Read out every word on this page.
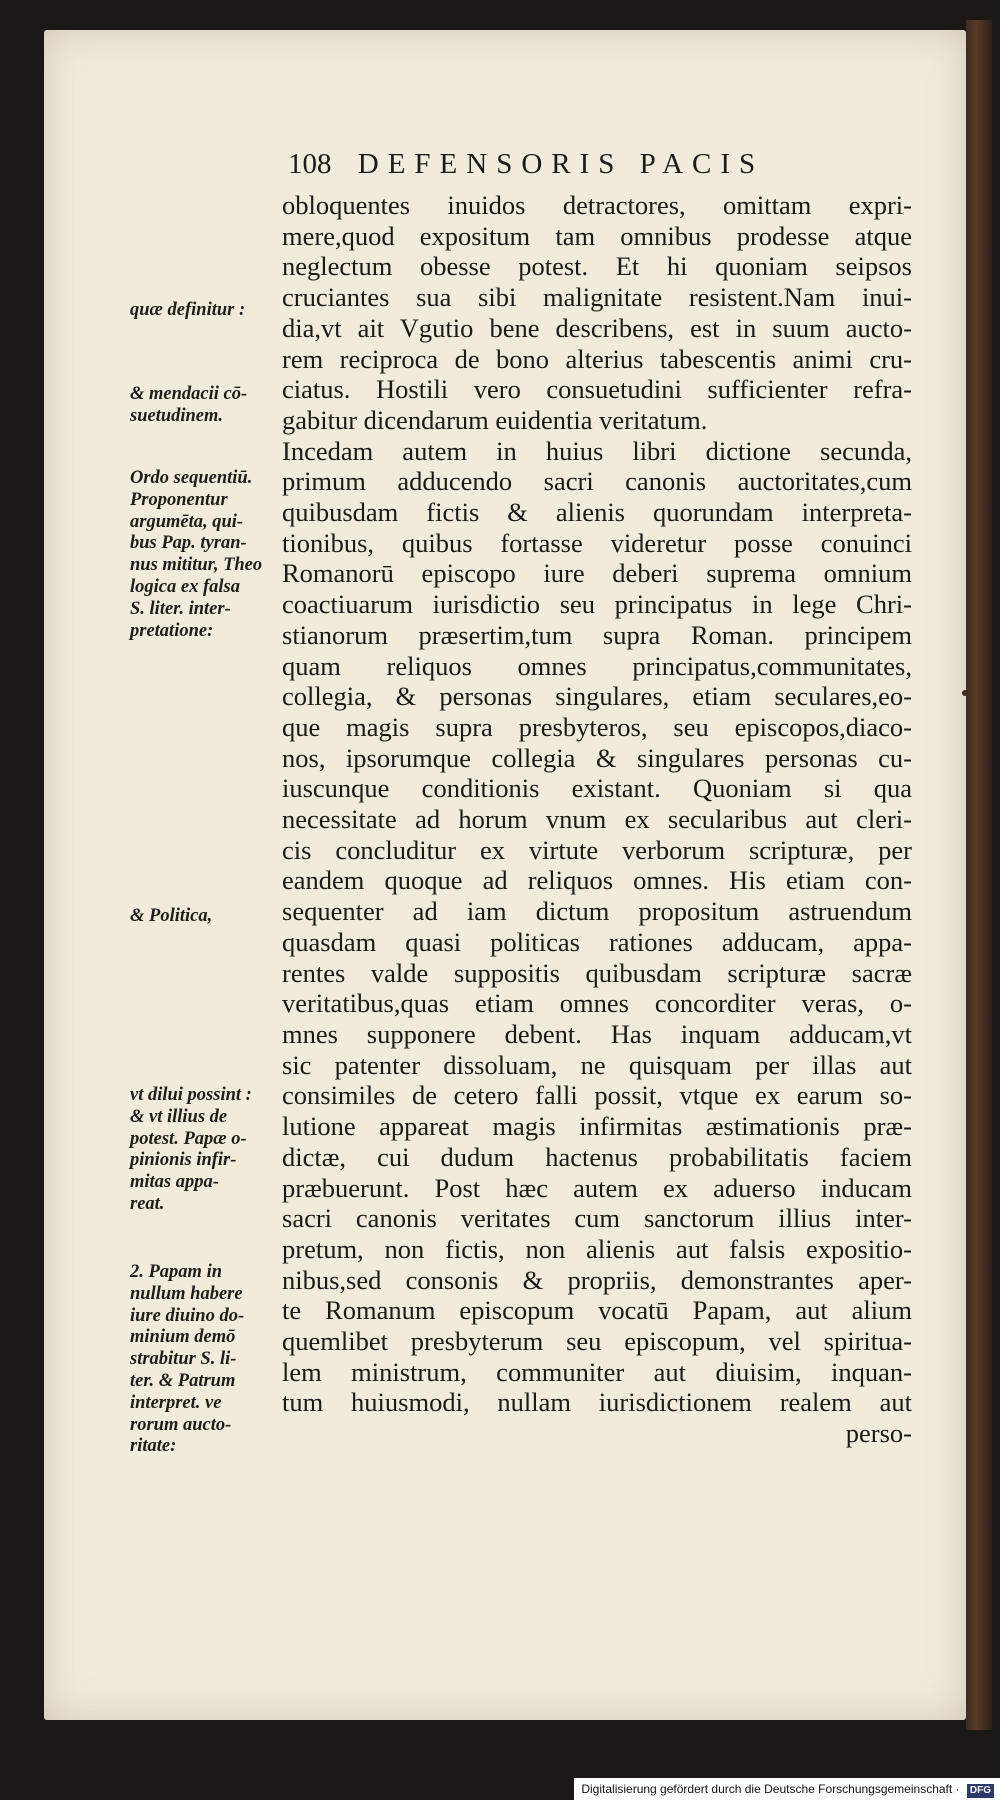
108 DEFENSORIS PACIS
obloquentes inuidos detractores, omittam expri-
mere,quod expositum tam omnibus prodesse atque
neglectum obesse potest. Et hi quoniam seipsos
cruciantes sua sibi malignitate resistent.Nam inui-
dia,vt ait Vgutio bene describens, est in suum aucto-
rem reciproca de bono alterius tabescentis animi cru-
ciatus. Hostili vero consuetudini sufficienter refra-
gabitur dicendarum euidentia veritatum.
Incedam autem in huius libri dictione secunda,
primum adducendo sacri canonis auctoritates,cum
quibusdam fictis & alienis quorundam interpreta-
tionibus, quibus fortasse videretur posse conuinci
Romanorū episcopo iure deberi suprema omnium
coactiuarum iurisdictio seu principatus in lege Chri-
stianorum præsertim,tum supra Roman. principem
quam reliquos omnes principatus,communitates,
collegia, & personas singulares, etiam seculares,eo-
que magis supra presbyteros, seu episcopos,diaco-
nos, ipsorumque collegia & singulares personas cu-
iuscunque conditionis existant. Quoniam si qua
necessitate ad horum vnum ex secularibus aut cleri-
cis concluditur ex virtute verborum scripturæ, per
eandem quoque ad reliquos omnes. His etiam con-
sequenter ad iam dictum propositum astruendum
quasdam quasi politicas rationes adducam, appa-
rentes valde suppositis quibusdam scripturæ sacræ
veritatibus,quas etiam omnes concorditer veras, o-
mnes supponere debent. Has inquam adducam,vt
sic patenter dissoluam, ne quisquam per illas aut
consimiles de cetero falli possit, vtque ex earum so-
lutione appareat magis infirmitas æstimationis præ-
dictæ, cui dudum hactenus probabilitatis faciem
præbuerunt. Post hæc autem ex aduerso inducam
sacri canonis veritates cum sanctorum illius inter-
pretum, non fictis, non alienis aut falsis expositio-
nibus,sed consonis & propriis, demonstrantes aper-
te Romanum episcopum vocatū Papam, aut alium
quemlibet presbyterum seu episcopum, vel spiritua-
lem ministrum, communiter aut diuisim, inquan-
tum huiusmodi, nullam iurisdictionem realem aut
perso-
quæ definitur :
& mendacii cō-
suetudinem.
Ordo sequentiū.
Proponentur
argumēta, qui-
bus Pap. tyran-
nus mititur, Theo
logica ex falsa
S. liter. inter-
pretatione:
& Politica,
vt dilui possint :
& vt illius de
potest. Papæ o-
pinionis infir-
mitas appa-
reat.
2. Papam in
nullum habere
iure diuino do-
minium demō
strabitur S. li-
ter. & Patrum
interpret. ve
rorum aucto-
ritate:
Digitalisierung gefördert durch die Deutsche Forschungsgemeinschaft · DFG
